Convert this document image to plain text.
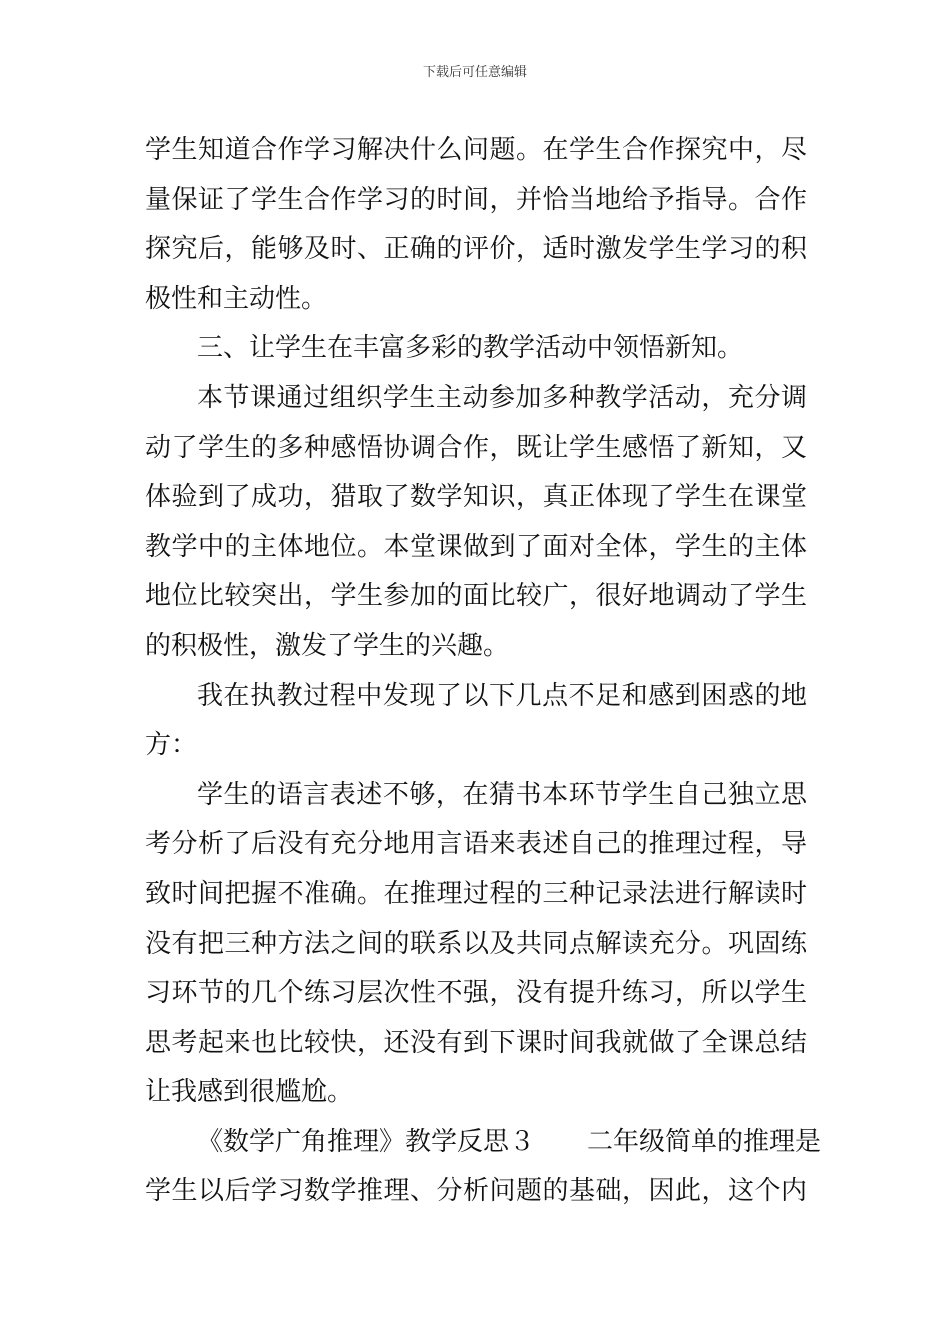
下载后可任意编辑
学生知道合作学习解决什么问题。在学生合作探究中，尽
量保证了学生合作学习的时间，并恰当地给予指导。合作
探究后，能够及时、正确的评价，适时激发学生学习的积
极性和主动性。
三、让学生在丰富多彩的教学活动中领悟新知。
本节课通过组织学生主动参加多种教学活动，充分调
动了学生的多种感悟协调合作，既让学生感悟了新知，又
体验到了成功，猎取了数学知识，真正体现了学生在课堂
教学中的主体地位。本堂课做到了面对全体，学生的主体
地位比较突出，学生参加的面比较广，很好地调动了学生
的积极性，激发了学生的兴趣。
我在执教过程中发现了以下几点不足和感到困惑的地
方：
学生的语言表述不够，在猜书本环节学生自己独立思
考分析了后没有充分地用言语来表述自己的推理过程，导
致时间把握不准确。在推理过程的三种记录法进行解读时
没有把三种方法之间的联系以及共同点解读充分。巩固练
习环节的几个练习层次性不强，没有提升练习，所以学生
思考起来也比较快，还没有到下课时间我就做了全课总结
让我感到很尴尬。
《数学广角推理》教学反思３ 二年级简单的推理是
学生以后学习数学推理、分析问题的基础，因此，这个内
